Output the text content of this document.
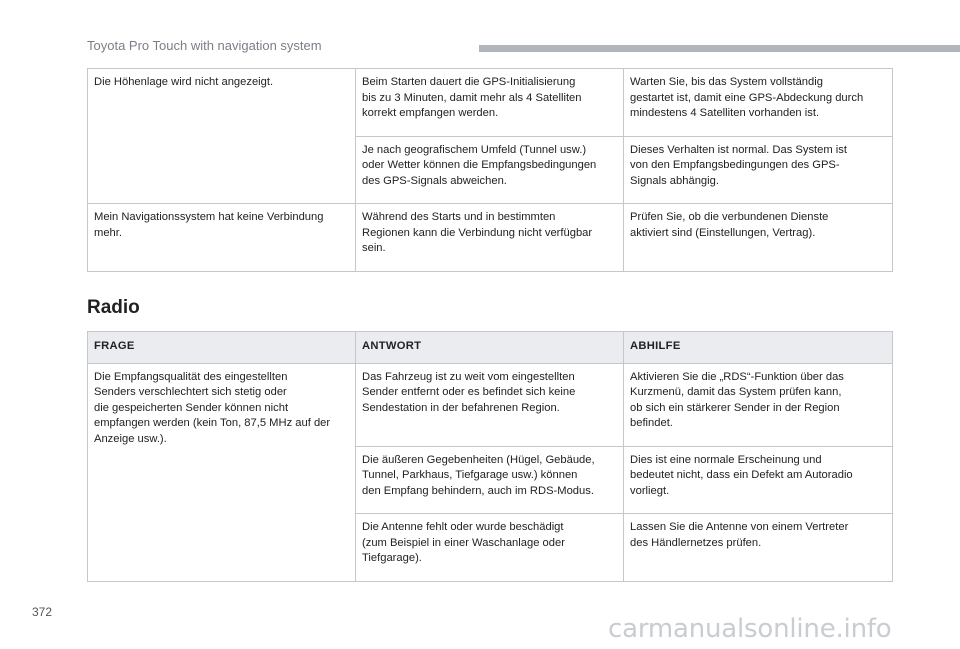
Toyota Pro Touch with navigation system
Die Höhenlage wird nicht angezeigt.	Beim Starten dauert die GPS-Initialisierung
bis zu 3 Minuten, damit mehr als 4 Satelliten
korrekt empfangen werden.	Warten Sie, bis das System vollständig
gestartet ist, damit eine GPS-Abdeckung durch
mindestens 4 Satelliten vorhanden ist.
	Je nach geografischem Umfeld (Tunnel usw.)
oder Wetter können die Empfangsbedingungen
des GPS-Signals abweichen.	Dieses Verhalten ist normal. Das System ist
von den Empfangsbedingungen des GPS-
Signals abhängig.
Mein Navigationssystem hat keine Verbindung
mehr.	Während des Starts und in bestimmten
Regionen kann die Verbindung nicht verfügbar
sein.	Prüfen Sie, ob die verbundenen Dienste
aktiviert sind (Einstellungen, Vertrag).
Radio
FRAGE	ANTWORT	ABHILFE
Die Empfangsqualität des eingestellten
Senders verschlechtert sich stetig oder
die gespeicherten Sender können nicht
empfangen werden (kein Ton, 87,5 MHz auf der
Anzeige usw.).	Das Fahrzeug ist zu weit vom eingestellten
Sender entfernt oder es befindet sich keine
Sendestation in der befahrenen Region.	Aktivieren Sie die „RDS“-Funktion über das
Kurzmenü, damit das System prüfen kann,
ob sich ein stärkerer Sender in der Region
befindet.
	Die äußeren Gegebenheiten (Hügel, Gebäude,
Tunnel, Parkhaus, Tiefgarage usw.) können
den Empfang behindern, auch im RDS-Modus.	Dies ist eine normale Erscheinung und
bedeutet nicht, dass ein Defekt am Autoradio
vorliegt.
	Die Antenne fehlt oder wurde beschädigt
(zum Beispiel in einer Waschanlage oder
Tiefgarage).	Lassen Sie die Antenne von einem Vertreter
des Händlernetzes prüfen.
372
carmanualsonline.info
